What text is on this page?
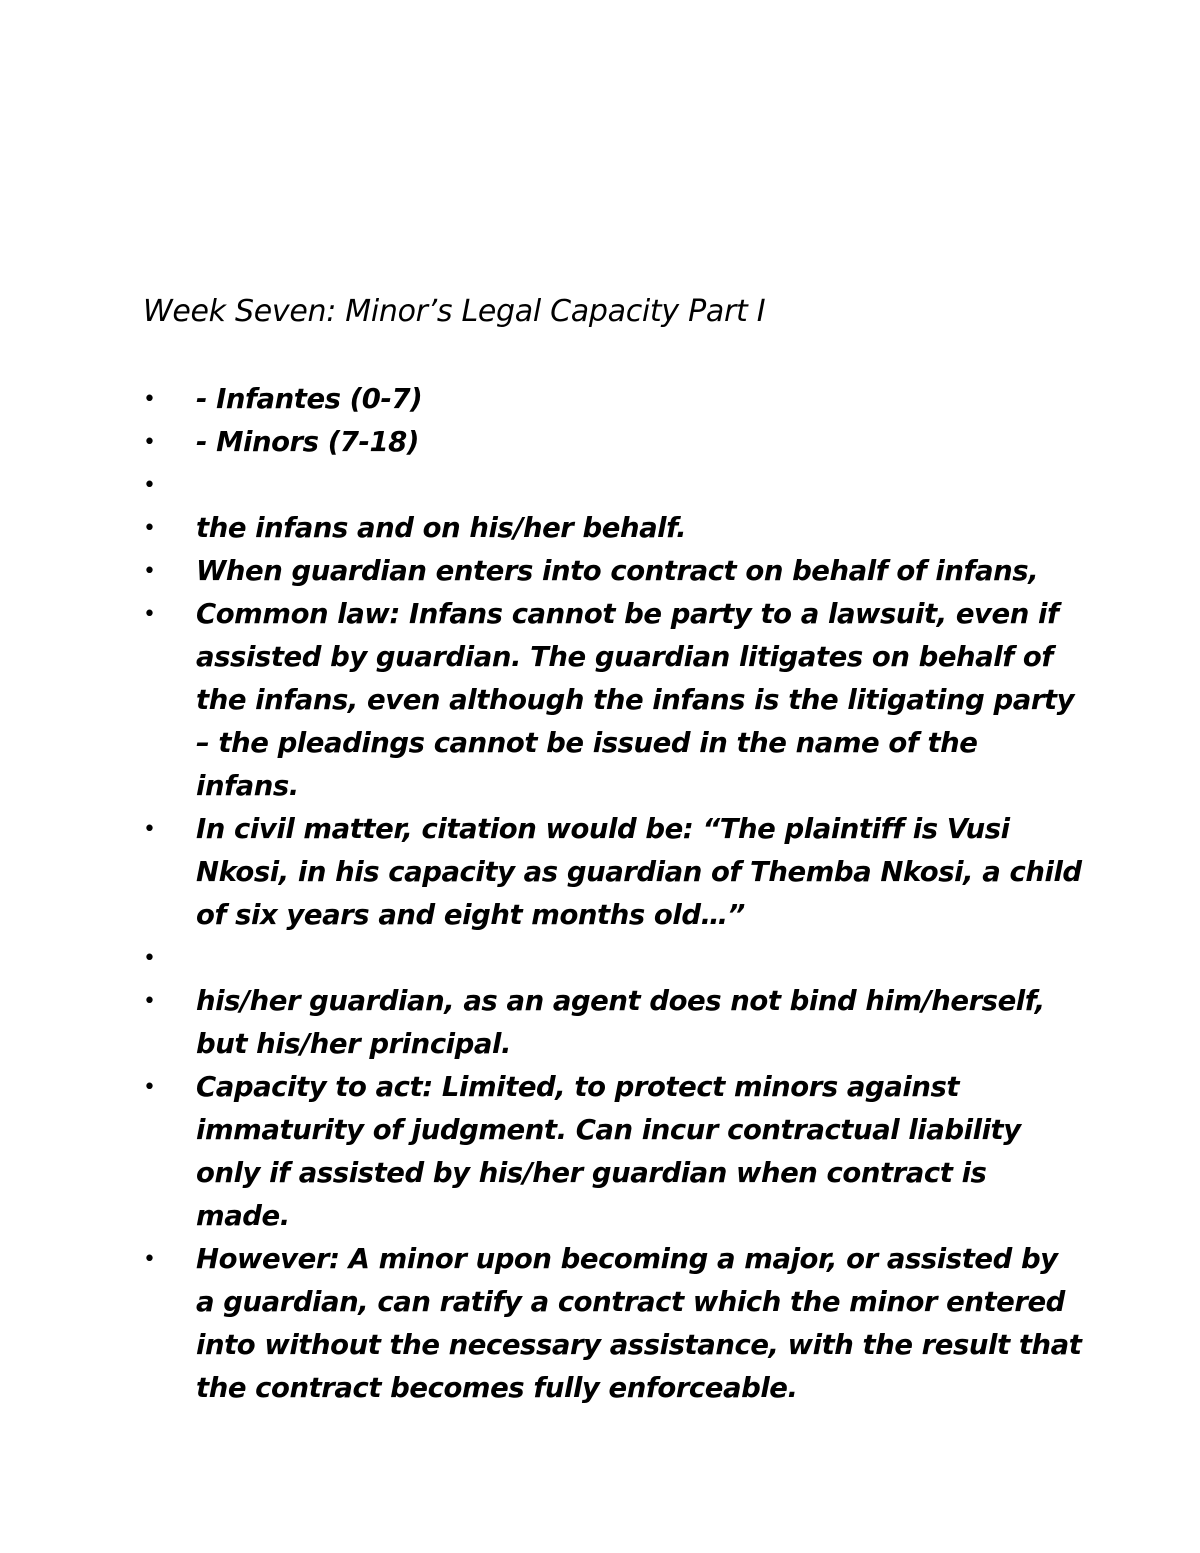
Week Seven: Minor’s Legal Capacity Part I
• - Infantes (0-7)
• - Minors (7-18)
•
• the infans and on his/her behalf.
• When guardian enters into contract on behalf of infans,
• Common law: Infans cannot be party to a lawsuit, even if assisted by guardian. The guardian litigates on behalf of the infans, even although the infans is the litigating party – the pleadings cannot be issued in the name of the infans.
• In civil matter, citation would be: “The plaintiff is Vusi Nkosi, in his capacity as guardian of Themba Nkosi, a child of six years and eight months old…”
•
• his/her guardian, as an agent does not bind him/herself, but his/her principal.
• Capacity to act: Limited, to protect minors against immaturity of judgment. Can incur contractual liability only if assisted by his/her guardian when contract is made.
• However: A minor upon becoming a major, or assisted by a guardian, can ratify a contract which the minor entered into without the necessary assistance, with the result that the contract becomes fully enforceable.
